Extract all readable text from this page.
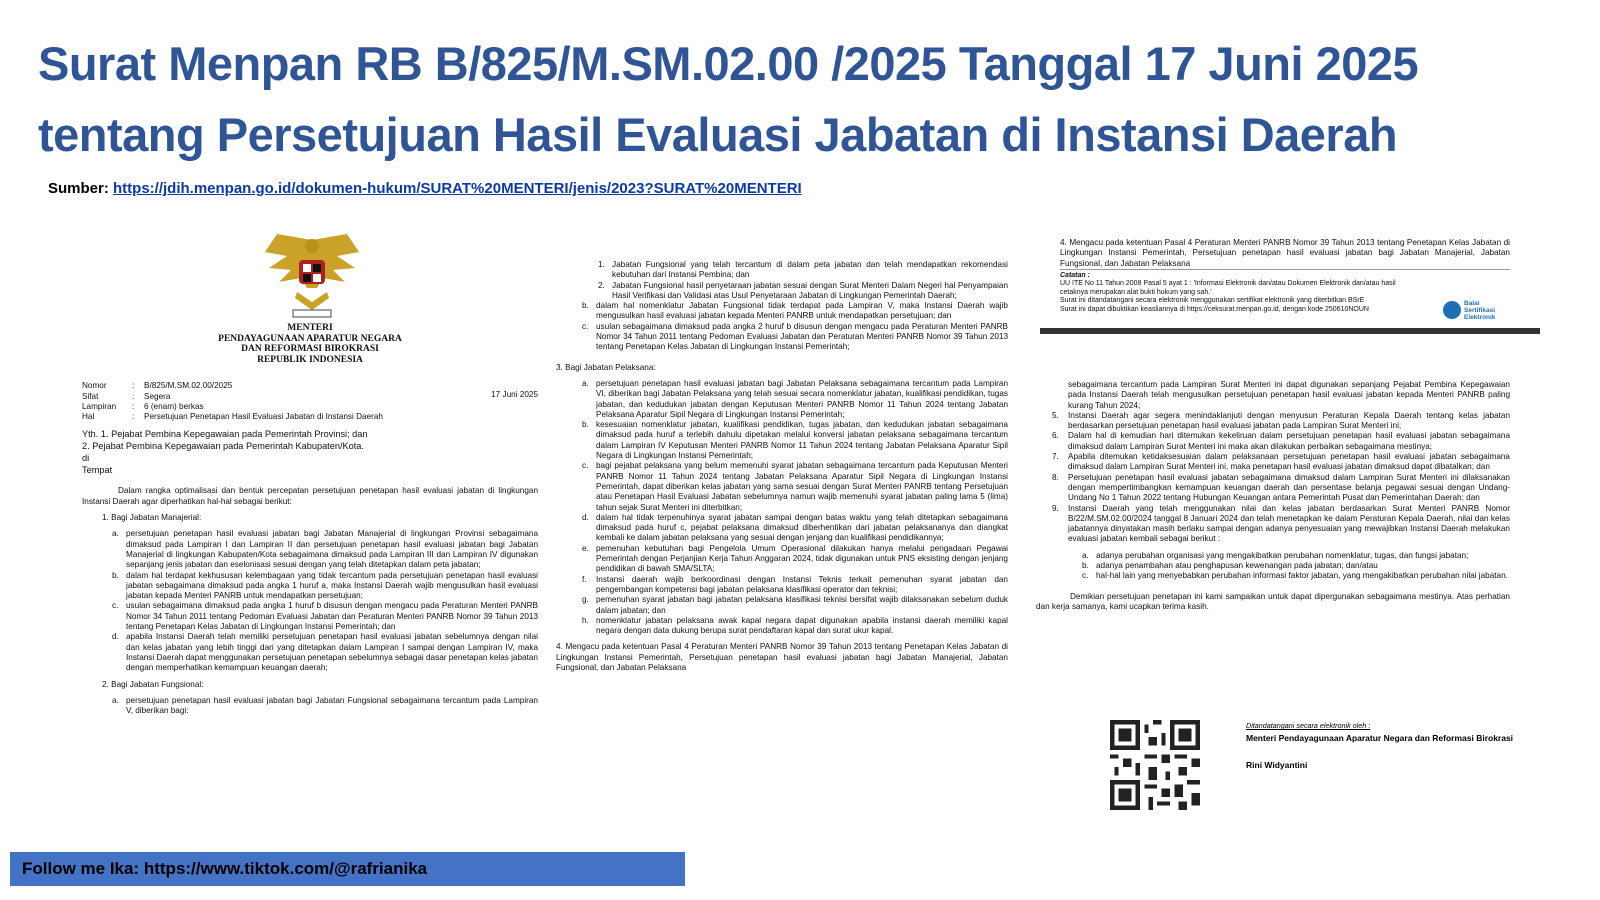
Surat Menpan RB B/825/M.SM.02.00 /2025 Tanggal 17 Juni 2025
tentang Persetujuan Hasil Evaluasi Jabatan di Instansi Daerah
Sumber: https://jdih.menpan.go.id/dokumen-hukum/SURAT%20MENTERI/jenis/2023?SURAT%20MENTERI
MENTERI
PENDAYAGUNAAN APARATUR NEGARA
DAN REFORMASI BIROKRASI
REPUBLIK INDONESIA
Nomor	:	B/825/M.SM.02.00/2025
Sifat	:	Segera
Lampiran	:	6 (enam) berkas
Hal	:	Persetujuan Penetapan Hasil Evaluasi Jabatan di Instansi Daerah
17 Juni 2025
Yth. 1. Pejabat Pembina Kepegawaian pada Pemerintah Provinsi; dan
2. Pejabat Pembina Kepegawaian pada Pemerintah Kabupaten/Kota.
di
Tempat

Dalam rangka optimalisasi dan bentuk percepatan persetujuan penetapan hasil evaluasi jabatan di lingkungan Instansi Daerah agar diperhatikan hal-hal sebagai berikut:

1. Bagi Jabatan Manajerial:

a. persetujuan penetapan hasil evaluasi jabatan bagi Jabatan Manajerial di lingkungan Provinsi sebagaimana dimaksud pada Lampiran I dan Lampiran II dan persetujuan penetapan hasil evaluasi jabatan bagi Jabatan Manajerial di lingkungan Kabupaten/Kota sebagaimana dimaksud pada Lampiran III dan Lampiran IV digunakan sepanjang jenis jabatan dan eselonisasi sesuai dengan yang telah ditetapkan dalam peta jabatan;
b. dalam hal terdapat kekhususan kelembagaan yang tidak tercantum pada persetujuan penetapan hasil evaluasi jabatan sebagaimana dimaksud pada angka 1 huruf a, maka Instansi Daerah wajib mengusulkan hasil evaluasi jabatan kepada Menteri PANRB untuk mendapatkan persetujuan;
c. usulan sebagaimana dimaksud pada angka 1 huruf b disusun dengan mengacu pada Peraturan Menteri PANRB Nomor 34 Tahun 2011 tentang Pedoman Evaluasi Jabatan dan Peraturan Menteri PANRB Nomor 39 Tahun 2013 tentang Penetapan Kelas Jabatan di Lingkungan Instansi Pemerintah; dan
d. apabila Instansi Daerah telah memiliki persetujuan penetapan hasil evaluasi jabatan sebelumnya dengan nilai dan kelas jabatan yang lebih tinggi dari yang ditetapkan dalam Lampiran I sampai dengan Lampiran IV, maka Instansi Daerah dapat menggunakan persetujuan penetapan sebelumnya sebagai dasar penetapan kelas jabatan dengan memperhatikan kemampuan keuangan daerah;

2. Bagi Jabatan Fungsional:

a. persetujuan penetapan hasil evaluasi jabatan bagi Jabatan Fungsional sebagaimana tercantum pada Lampiran V, diberikan bagi:
1. Jabatan Fungsional yang telah tercantum di dalam peta jabatan dan telah mendapatkan rekomendasi kebutuhan dari Instansi Pembina; dan
2. Jabatan Fungsional hasil penyetaraan jabatan sesuai dengan Surat Menteri Dalam Negeri hal Penyampaian Hasil Verifikasi dan Validasi atas Usul Penyetaraan Jabatan di Lingkungan Pemerintah Daerah;
b. dalam hal nomenklatur Jabatan Fungsional tidak terdapat pada Lampiran V, maka Instansi Daerah wajib mengusulkan hasil evaluasi jabatan kepada Menteri PANRB untuk mendapatkan persetujuan; dan
c. usulan sebagaimana dimaksud pada angka 2 huruf b disusun dengan mengacu pada Peraturan Menteri PANRB Nomor 34 Tahun 2011 tentang Pedoman Evaluasi Jabatan dan Peraturan Menteri PANRB Nomor 39 Tahun 2013 tentang Penetapan Kelas Jabatan di Lingkungan Instansi Pemerintah;

3. Bagi Jabatan Pelaksana:

a. persetujuan penetapan hasil evaluasi jabatan bagi Jabatan Pelaksana sebagaimana tercantum pada Lampiran VI, diberikan bagi Jabatan Pelaksana yang telah sesuai secara nomenklatur jabatan, kualifikasi pendidikan, tugas jabatan, dan kedudukan jabatan dengan Keputusan Menteri PANRB Nomor 11 Tahun 2024 tentang Jabatan Pelaksana Aparatur Sipil Negara di Lingkungan Instansi Pemerintah;
b. kesesuaian nomenklatur jabatan, kualifikasi pendidikan, tugas jabatan, dan kedudukan jabatan sebagaimana dimaksud pada huruf a terlebih dahulu dipetakan melalui konversi jabatan pelaksana sebagaimana tercantum dalam Lampiran IV Keputusan Menteri PANRB Nomor 11 Tahun 2024 tentang Jabatan Pelaksana Aparatur Sipil Negara di Lingkungan Instansi Pemerintah;
c. bagi pejabat pelaksana yang belum memenuhi syarat jabatan sebagaimana tercantum pada Keputusan Menteri PANRB Nomor 11 Tahun 2024 tentang Jabatan Pelaksana Aparatur Sipil Negara di Lingkungan Instansi Pemerintah, dapat diberikan kelas jabatan yang sama sesuai dengan Surat Menteri PANRB tentang Persetujuan atau Penetapan Hasil Evaluasi Jabatan sebelumnya namun wajib memenuhi syarat jabatan paling lama 5 (lima) tahun sejak Surat Menteri ini diterbitkan;
d. dalam hal tidak terpenuhinya syarat jabatan sampai dengan batas waktu yang telah ditetapkan sebagaimana dimaksud pada huruf c, pejabat pelaksana dimaksud diberhentikan dari jabatan pelaksananya dan diangkat kembali ke dalam jabatan pelaksana yang sesuai dengan jenjang dan kualifikasi pendidikannya;
e. pemenuhan kebutuhan bagi Pengelola Umum Operasional dilakukan hanya melalui pengadaan Pegawai Pemerintah dengan Perjanjian Kerja Tahun Anggaran 2024, tidak digunakan untuk PNS eksisting dengan jenjang pendidikan di bawah SMA/SLTA;
f. Instansi daerah wajib berkoordinasi dengan Instansi Teknis terkait pemenuhan syarat jabatan dan pengembangan kompetensi bagi jabatan pelaksana klasifikasi operator dan teknisi;
g. pemenuhan syarat jabatan bagi jabatan pelaksana klasifikasi teknisi bersifat wajib dilaksanakan sebelum duduk dalam jabatan; dan
h. nomenklatur jabatan pelaksana awak kapal negara dapat digunakan apabila instansi daerah memiliki kapal negara dengan data dukung berupa surat pendaftaran kapal dan surat ukur kapal.

4. Mengacu pada ketentuan Pasal 4 Peraturan Menteri PANRB Nomor 39 Tahun 2013 tentang Penetapan Kelas Jabatan di Lingkungan Instansi Pemerintah, Persetujuan penetapan hasil evaluasi jabatan bagi Jabatan Manajerial, Jabatan Fungsional, dan Jabatan Pelaksana

4. Mengacu pada ketentuan Pasal 4 Peraturan Menteri PANRB Nomor 39 Tahun 2013 tentang Penetapan Kelas Jabatan di Lingkungan Instansi Pemerintah, Persetujuan penetapan hasil evaluasi jabatan bagi Jabatan Manajerial, Jabatan Fungsional, dan Jabatan Pelaksana

Catatan :
UU ITE No 11 Tahun 2008 Pasal 5 ayat 1 : 'Informasi Elektronik dan/atau Dokumen Elektronik dan/atau hasil cetaknya merupakan alat bukti hukum yang sah.'
Surat ini ditandatangani secara elektronik menggunakan sertifikat elektronik yang diterbitkan BSrE
Surat ini dapat dibuktikan keasliannya di https://ceksurat.menpan.go.id, dengan kode 250610NOUN
Balai Sertifikasi Elektronik

sebagaimana tercantum pada Lampiran Surat Menteri ini dapat digunakan sepanjang Pejabat Pembina Kepegawaian pada Instansi Daerah telah mengusulkan persetujuan penetapan hasil evaluasi jabatan kepada Menteri PANRB paling kurang Tahun 2024;

5. Instansi Daerah agar segera menindaklanjuti dengan menyusun Peraturan Kepala Daerah tentang kelas jabatan berdasarkan persetujuan penetapan hasil evaluasi jabatan pada Lampiran Surat Menteri ini;
6. Dalam hal di kemudian hari ditemukan kekeliruan dalam persetujuan penetapan hasil evaluasi jabatan sebagaimana dimaksud dalam Lampiran Surat Menteri ini maka akan dilakukan perbaikan sebagaimana mestinya;
7. Apabila ditemukan ketidaksesuaian dalam pelaksanaan persetujuan penetapan hasil evaluasi jabatan sebagaimana dimaksud dalam Lampiran Surat Menteri ini, maka penetapan hasil evaluasi jabatan dimaksud dapat dibatalkan; dan
8. Persetujuan penetapan hasil evaluasi jabatan sebagaimana dimaksud dalam Lampiran Surat Menteri ini dilaksanakan dengan mempertimbangkan kemampuan keuangan daerah dan persentase belanja pegawai sesuai dengan Undang-Undang No 1 Tahun 2022 tentang Hubungan Keuangan antara Pemerintah Pusat dan Pemerintahan Daerah; dan
9. Instansi Daerah yang telah menggunakan nilai dan kelas jabatan berdasarkan Surat Menteri PANRB Nomor B/22/M.SM.02.00/2024 tanggal 8 Januari 2024 dan telah menetapkan ke dalam Peraturan Kepala Daerah, nilai dan kelas jabatannya dinyatakan masih berlaku sampai dengan adanya penyesuaian yang mewajibkan Instansi Daerah melakukan evaluasi jabatan kembali sebagai berikut :
a. adanya perubahan organisasi yang mengakibatkan perubahan nomenklatur, tugas, dan fungsi jabatan;
b. adanya penambahan atau penghapusan kewenangan pada jabatan; dan/atau
c. hal-hal lain yang menyebabkan perubahan informasi faktor jabatan, yang mengakibatkan perubahan nilai jabatan.

Demikian persetujuan penetapan ini kami sampaikan untuk dapat dipergunakan sebagaimana mestinya. Atas perhatian dan kerja samanya, kami ucapkan terima kasih.

Ditandatangani secara elektronik oleh :
Menteri Pendayagunaan Aparatur Negara dan Reformasi Birokrasi
Rini Widyantini
Follow me Ika: https://www.tiktok.com/@rafrianika
